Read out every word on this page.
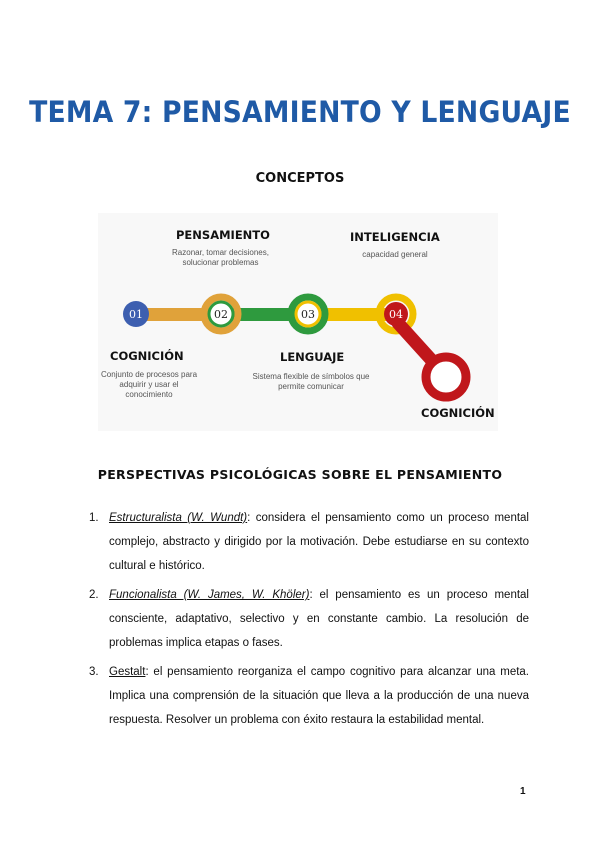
TEMA 7: PENSAMIENTO Y LENGUAJE
CONCEPTOS
01	02	03	04
PENSAMIENTO
Razonar, tomar decisiones,
solucionar problemas
INTELIGENCIA
capacidad general
COGNICIÓN
Conjunto de procesos para
adquirir y usar el
conocimiento
LENGUAJE
Sistema flexible de símbolos que
permite comunicar
COGNICIÓN
PERSPECTIVAS PSICOLÓGICAS SOBRE EL PENSAMIENTO
1. Estructuralista (W. Wundt): considera el pensamiento como un proceso mental complejo, abstracto y dirigido por la motivación. Debe estudiarse en su contexto cultural e histórico.
2. Funcionalista (W. James, W. Khöler): el pensamiento es un proceso mental consciente, adaptativo, selectivo y en constante cambio. La resolución de problemas implica etapas o fases.
3. Gestalt: el pensamiento reorganiza el campo cognitivo para alcanzar una meta. Implica una comprensión de la situación que lleva a la producción de una nueva respuesta. Resolver un problema con éxito restaura la estabilidad mental.
1
